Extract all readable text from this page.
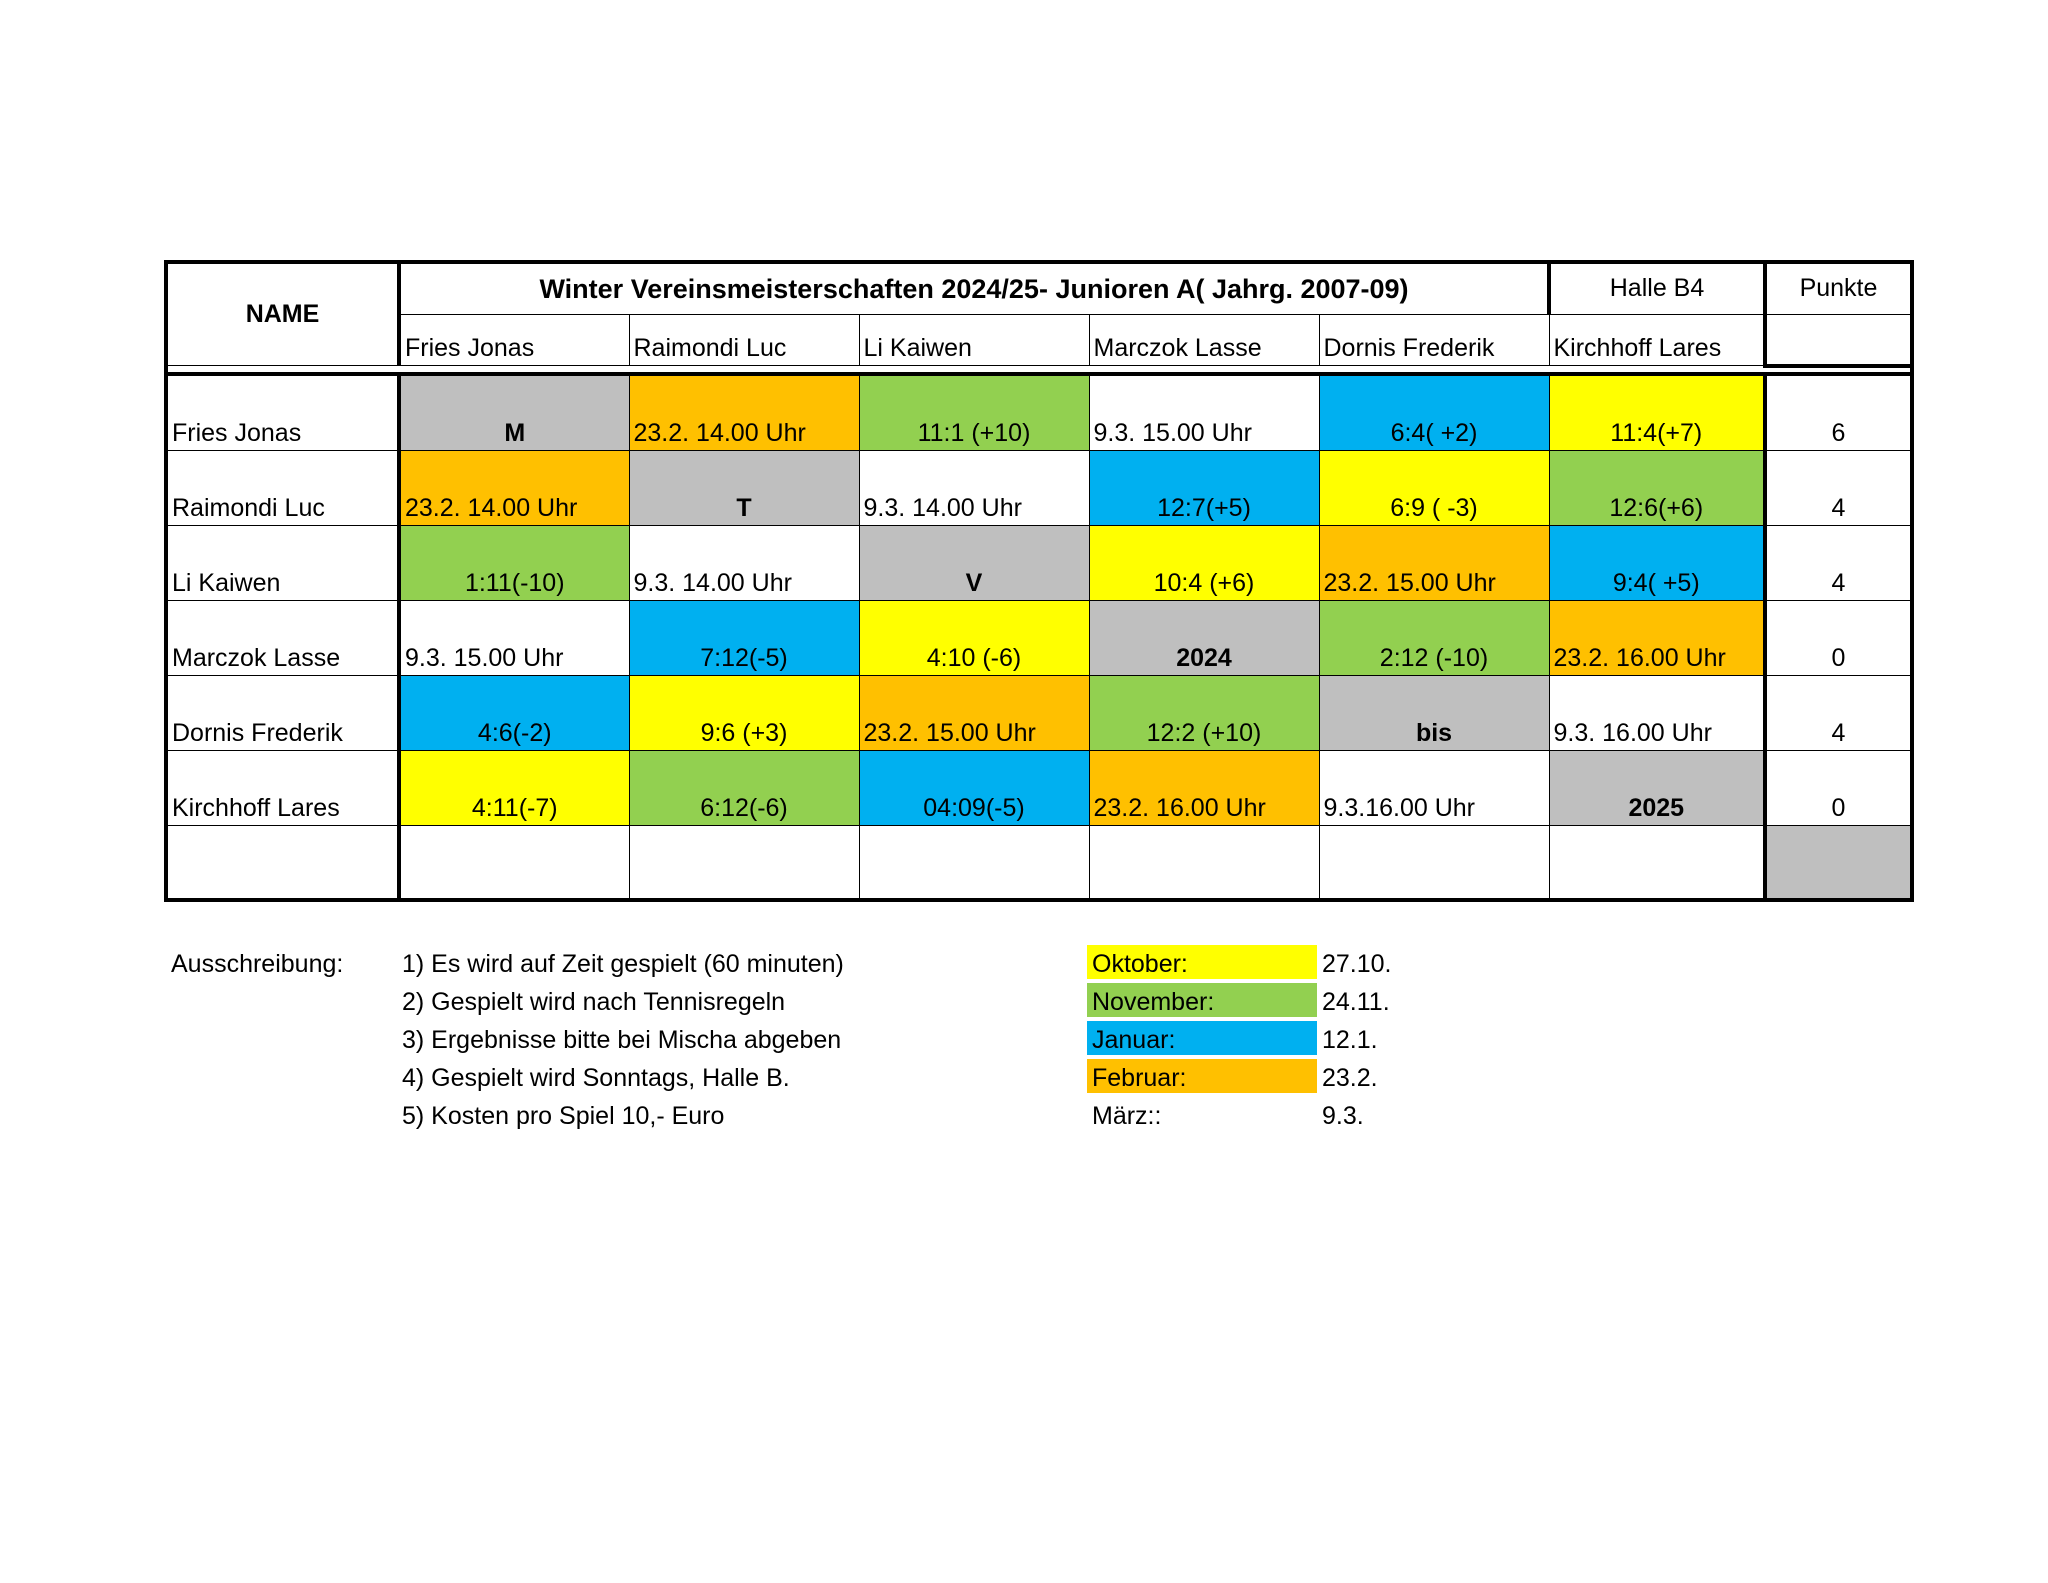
NAME	Winter Vereinsmeisterschaften 2024/25- Junioren A( Jahrg. 2007-09)					Halle B4	Punkte
	Fries Jonas	Raimondi Luc	Li Kaiwen	Marczok Lasse	Dornis Frederik	Kirchhoff Lares	

Fries Jonas	M	23.2. 14.00 Uhr	11:1 (+10)	9.3. 15.00 Uhr	6:4( +2)	11:4(+7)	6
Raimondi Luc	23.2. 14.00 Uhr	T	9.3. 14.00 Uhr	12:7(+5)	6:9 ( -3)	12:6(+6)	4
Li Kaiwen	1:11(-10)	9.3. 14.00 Uhr	V	10:4 (+6)	23.2. 15.00 Uhr	9:4( +5)	4
Marczok Lasse	9.3. 15.00 Uhr	7:12(-5)	4:10 (-6)	2024	2:12 (-10)	23.2. 16.00 Uhr	0
Dornis Frederik	4:6(-2)	9:6 (+3)	23.2. 15.00 Uhr	12:2 (+10)	bis	9.3. 16.00 Uhr	4
Kirchhoff Lares	4:11(-7)	6:12(-6)	04:09(-5)	23.2. 16.00 Uhr	9.3.16.00 Uhr	2025	0

Ausschreibung: 1) Es wird auf Zeit gespielt (60 minuten)
2) Gespielt wird nach Tennisregeln
3) Ergebnisse bitte bei Mischa abgeben
4) Gespielt wird Sonntags, Halle B.
5) Kosten pro Spiel 10,- Euro
Oktober:	27.10.
November:	24.11.
Januar:	12.1.
Februar:	23.2.
März::	9.3.
